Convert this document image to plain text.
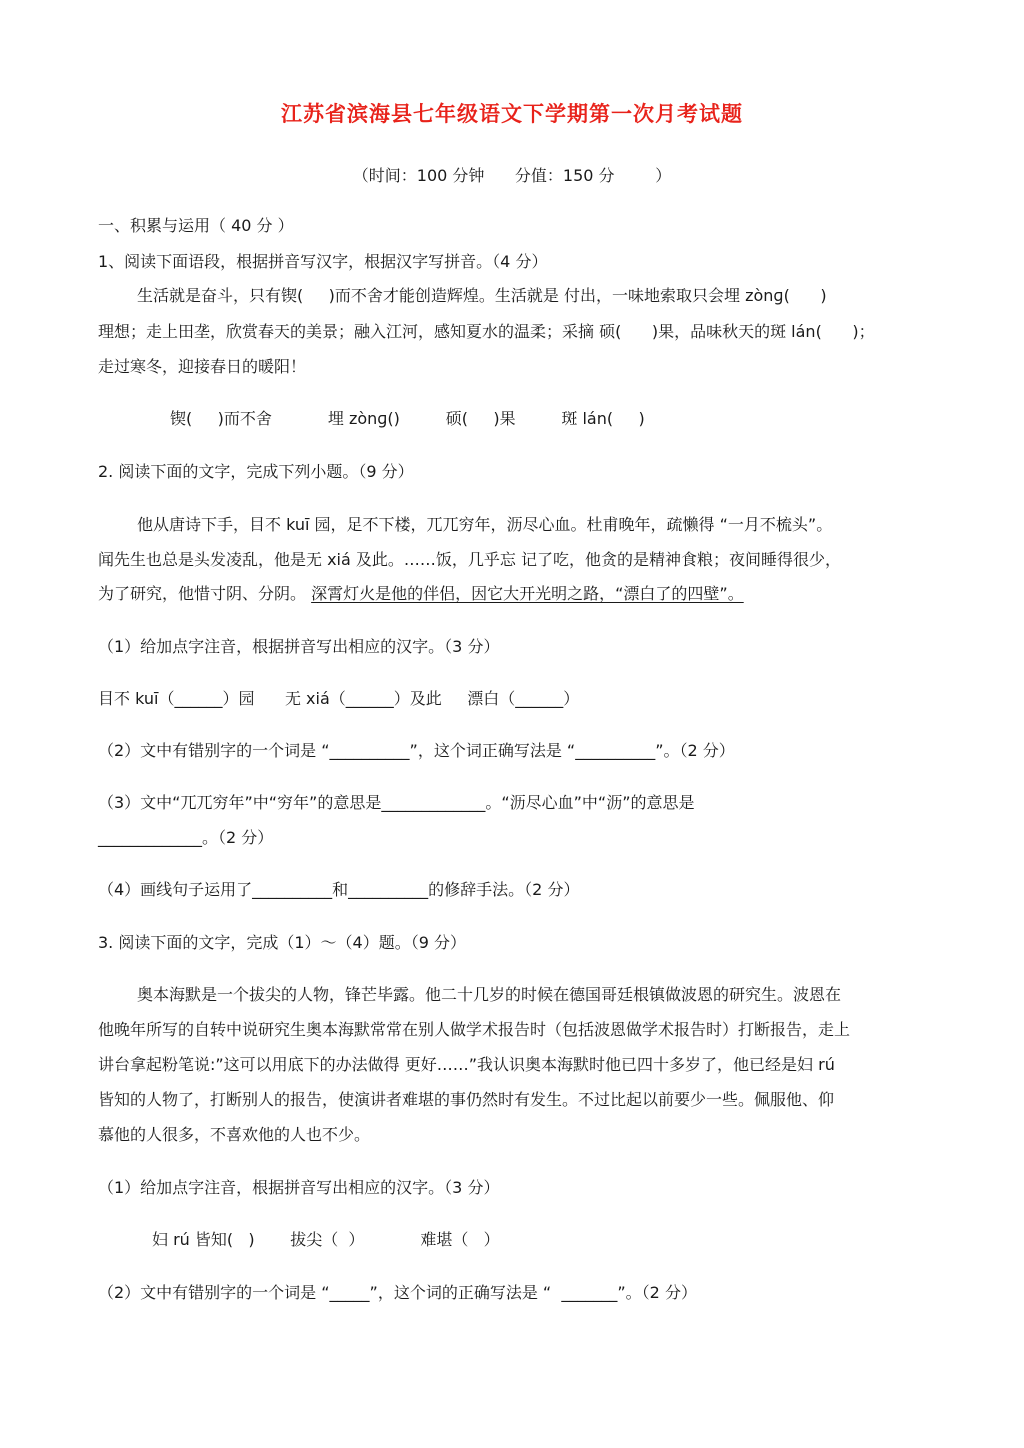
江苏省滨海县七年级语文下学期第一次月考试题

（时间：100 分钟      分值：150 分        ）

一、积累与运用（ 40 分 ）

1、阅读下面语段，根据拼音写汉字，根据汉字写拼音。（4 分）

生活就是奋斗，只有锲(     )而不舍才能创造辉煌。生活就是 付出，一味地索取只会埋 zònɡ(      )

理想；走上田垄，欣赏春天的美景；融入江河，感知夏水的温柔；采摘 硕(      )果，品味秋天的斑 lán(      )；

走过寒冬，迎接春日的暖阳！

锲(     )而不舍           埋 zònɡ()         硕(     )果         斑 lán(     )

2. 阅读下面的文字，完成下列小题。（9 分）

他从唐诗下手，目不 kuī 园，足不下楼，兀兀穷年，沥尽心血。杜甫晚年，疏懒得 “一月不梳头”。

闻先生也总是头发凌乱，他是无 xiá 及此。……饭，几乎忘 记了吃，他贪的是精神食粮；夜间睡得很少，

为了研究，他惜寸阴、分阴。 深霄灯火是他的伴侣，因它大开光明之路，“漂白了的四壁”。

（1）给加点字注音，根据拼音写出相应的汉字。（3 分）

目不 kuī（______）园      无 xiá（______）及此     漂白（______）

（2）文中有错别字的一个词是 “__________”，这个词正确写法是 “__________”。（2 分）

（3）文中“兀兀穷年”中“穷年”的意思是_____________。“沥尽心血”中“沥”的意思是

_____________。（2 分）

（4）画线句子运用了__________和__________的修辞手法。（2 分）

3. 阅读下面的文字，完成（1）～（4）题。（9 分）

奥本海默是一个拔尖的人物，锋芒毕露。他二十几岁的时候在德国哥廷根镇做波恩的研究生。波恩在

他晚年所写的自转中说研究生奥本海默常常在别人做学术报告时（包括波恩做学术报告时）打断报告，走上

讲台拿起粉笔说:”这可以用底下的办法做得 更好……”我认识奥本海默时他已四十多岁了，他已经是妇 rú

皆知的人物了，打断别人的报告，使演讲者难堪的事仍然时有发生。不过比起以前要少一些。佩服他、仰

慕他的人很多，不喜欢他的人也不少。

（1）给加点字注音，根据拼音写出相应的汉字。（3 分）

妇 rú 皆知(   )       拔尖（  ）           难堪（   ）

（2）文中有错别字的一个词是 “_____”，这个词的正确写法是 “  _______”。（2 分）
